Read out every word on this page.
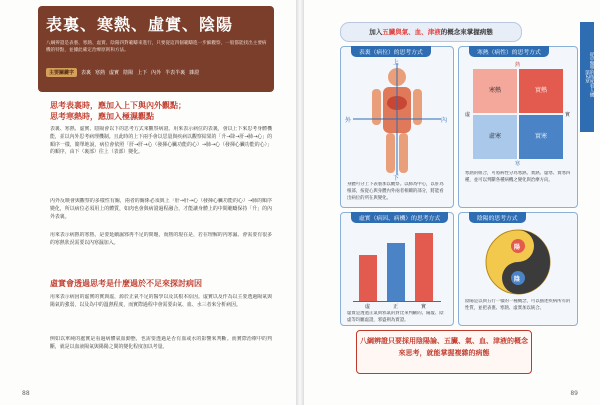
表裏、寒熱、虛實、陰陽
八綱辨證是表裏、寒熱、虛實、陰陽四對範疇來進行，只要從這四個範疇進一步細觀察，一般都能找出主要病機的特點，並據此確定治療原則和方法。
主要關鍵字	表裏 寒熱 虛實 陰陽 上下 內外 半表半裏 雜證
思考表裏時，應加入上下與內外觀點；
思考寒熱時，應加入極濕觀點
表裏、寒熱、虛實、陰陽會以下的思考方式來觀察病證。用來表示病位的表裏，會以上下來思考身體機能，並以內外思考病理機制。且此時的上下兩手會以思量與疾病以觀察結果的「升→降→肝→肺→心」的順序一樣，簡單地說，病位會依照「肝→肝→心（發揮心臟功能的心）→肺→心（發揮心臟功能的心）」的順序，由下（裏部）往上（表部）變化。
內外反映會與觀察的多樣性有關，兩者的關係必須與上「肝→肝→心（發揮心臟功能的心）→肺的順序變化，所以病位必須用上的體質，如肉也會與病證過程融合，才能讓身體上的中間範疇保持「升」的內外表裏。
用來表示病熱的寒熱，是要延續濕邪再不足的問題，而熱的現在是，若在理解的內寒濕、會需要有很多的寒熱狀況需要以內寒濕加入。
虛實會透過思考是什麼過於不足來探討病因
用來表示病因的虛實的實與虛，源於正氣不足的醫學以及其根本原因。虛實以及作為以主要透過陽氣與陽氣的強弱，以及為中的溫熱程度，而實際過程中會需要由氣、血、水三者來分析病因。
例如以單純的處實是看過病體氣血動態，也需要透過是否有血或水的影響來判斷。而實際治療中的判斷，就是以血液陽氣與陽陽之間的變化程度加以考量。
88
加入五臟與氣、血、津液的概念來掌握病態
第2章 從中醫學的角度看人體
表裏（病位）的思考方式
上
外	內
下
身體可分上下表裏加以觀察。以肺為中心，以肝為根部，按從心與身體內外兩者相關的部分，將能看出病位的所在與變化。
寒熱（病性）的思考方式
寒熱	實熱
虛寒	實寒
熱
寒
虛	實
寒熱的組合，可將病性分為寒熱、實熱、虛寒、實寒四種，並可以判斷各種病機之變化與治療方向。
虛實（病因、病機）的思考方式
虛	正	實
虛實是透過正氣與邪氣的對比來判斷的。陽虛、陰虛等均屬虛證，邪盛則為實證。
陰陽的思考方式
陽
陰
陰陽是以與五行一樣的一種概念，可以描述疾病所有的性質，並把表裏、寒熱、虛實加以統合。
八綱辨證只要採用陰陽論、五臟、氣、血、津液的概念來思考，就能掌握複雜的病態
89
